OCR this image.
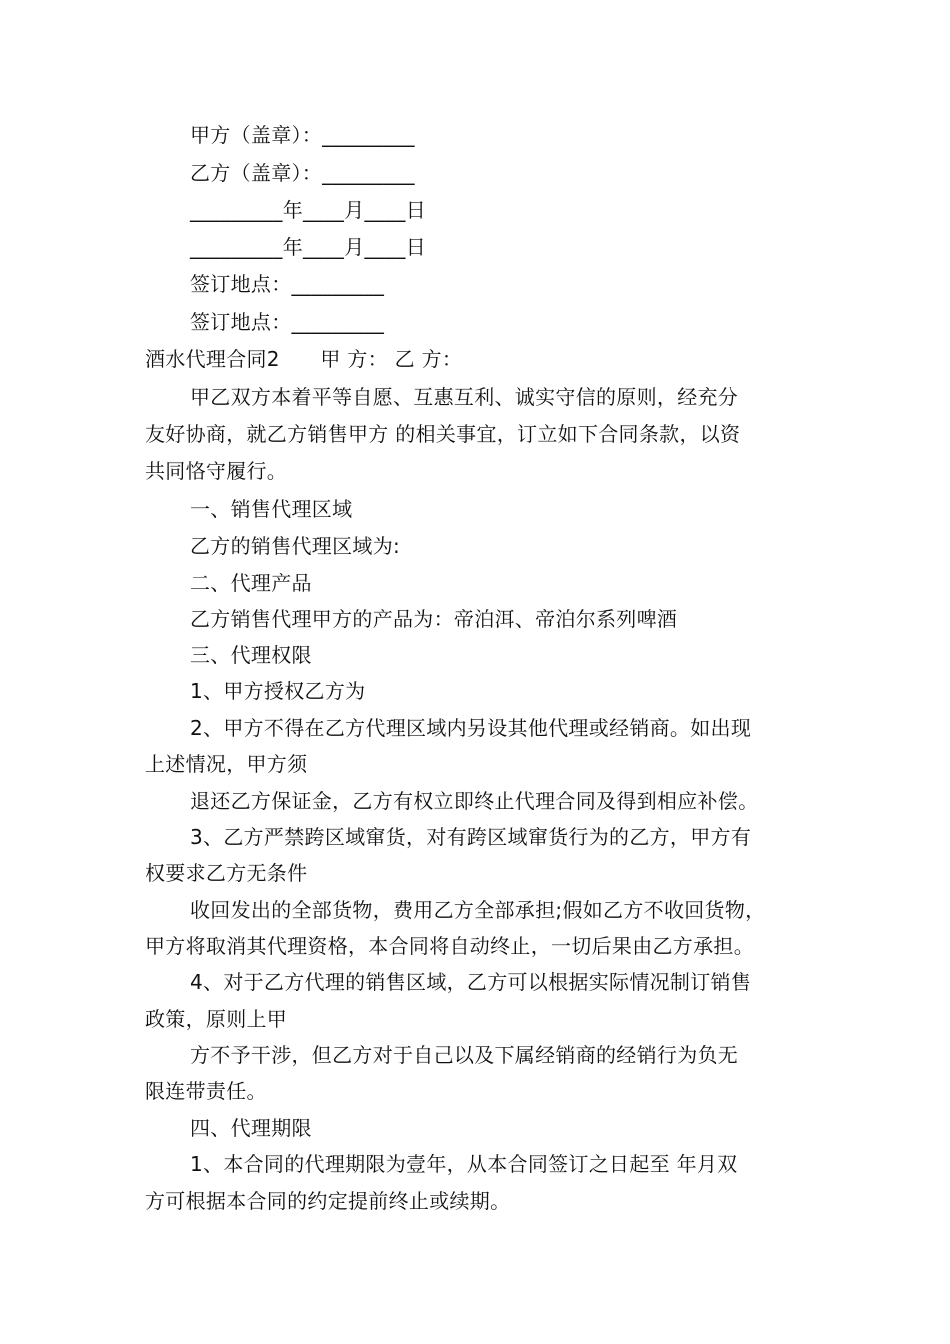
甲方（盖章）：_________
乙方（盖章）：_________
_________年____月____日
_________年____月____日
签订地点：_________
签订地点：_________
酒水代理合同2　　甲 方： 乙 方：
甲乙双方本着平等自愿、互惠互利、诚实守信的原则，经充分
友好协商，就乙方销售甲方 的相关事宜，订立如下合同条款，以资
共同恪守履行。
一、销售代理区域
乙方的销售代理区域为:
二、代理产品
乙方销售代理甲方的产品为：帝泊洱、帝泊尔系列啤酒
三、代理权限
1、甲方授权乙方为
2、甲方不得在乙方代理区域内另设其他代理或经销商。如出现
上述情况，甲方须
退还乙方保证金，乙方有权立即终止代理合同及得到相应补偿。
3、乙方严禁跨区域窜货，对有跨区域窜货行为的乙方，甲方有
权要求乙方无条件
收回发出的全部货物，费用乙方全部承担;假如乙方不收回货物，
甲方将取消其代理资格，本合同将自动终止，一切后果由乙方承担。
4、对于乙方代理的销售区域，乙方可以根据实际情况制订销售
政策，原则上甲
方不予干涉，但乙方对于自己以及下属经销商的经销行为负无
限连带责任。
四、代理期限
1、本合同的代理期限为壹年，从本合同签订之日起至 年月双
方可根据本合同的约定提前终止或续期。
